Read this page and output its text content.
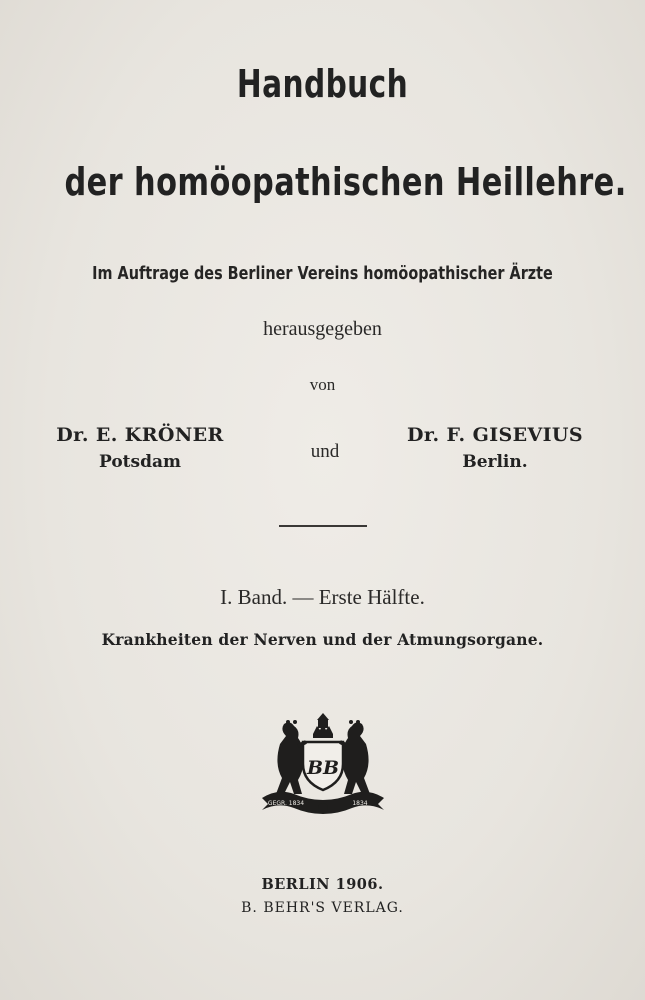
Handbuch
der homöopathischen Heillehre.
Im Auftrage des Berliner Vereins homöopathischer Ärzte
herausgegeben
von
Dr. E. KRÖNER
Potsdam	und
Dr. F. GISEVIUS
Berlin.
I. Band. — Erste Hälfte.
Krankheiten der Nerven und der Atmungsorgane.
BB
GEGR. 1834	1834
BERLIN 1906.
B. BEHR'S VERLAG.
